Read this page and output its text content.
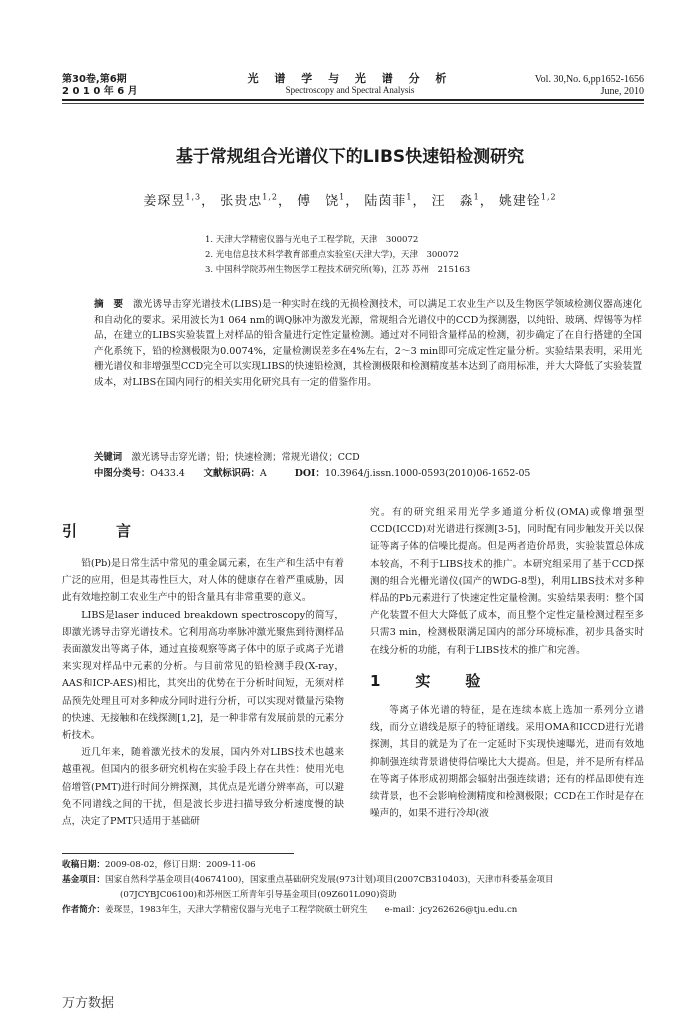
第30卷,第6期
2 0 1 0 年 6 月
光 谱 学 与 光 谱 分 析
Spectroscopy and Spectral Analysis
Vol. 30,No. 6,pp1652-1656
June, 2010
基于常规组合光谱仪下的LIBS快速铅检测研究
姜琛昱$^{1,3}$， 张贵忠$^{1,2}$， 傅　饶$^1$， 陆茵菲$^1$， 汪　淼$^1$， 姚建铨$^{1,2}$
1. 天津大学精密仪器与光电子工程学院，天津　300072
2. 光电信息技术科学教育部重点实验室(天津大学)，天津　300072
3. 中国科学院苏州生物医学工程技术研究所(筹)，江苏 苏州　215163
摘　要　 激光诱导击穿光谱技术(LIBS)是一种实时在线的无损检测技术，可以满足工农业生产以及生物医学领域检测仪器高速化和自动化的要求。采用波长为1 064 nm的调Q脉冲为激发光源，常规组合光谱仪中的CCD为探测器，以纯铅、玻璃、焊锡等为样品，在建立的LIBS实验装置上对样品的铅含量进行定性定量检测。通过对不同铅含量样品的检测，初步确定了在自行搭建的全国产化系统下，铅的检测极限为0.0074%，定量检测误差多在4%左右，2～3 min即可完成定性定量分析。实验结果表明，采用光栅光谱仪和非增强型CCD完全可以实现LIBS的快速铅检测，其检测极限和检测精度基本达到了商用标准，并大大降低了实验装置成本，对LIBS在国内同行的相关实用化研究具有一定的借鉴作用。
关键词　 激光诱导击穿光谱；铅；快速检测；常规光谱仪；CCD
中图分类号：O433.4　　 文献标识码：A　　　	DOI：10.3964/j.issn.1000-0593(2010)06-1652-05
引　言

铅(Pb)是日常生活中常见的重金属元素，在生产和生活中有着广泛的应用，但是其毒性巨大，对人体的健康存在着严重威胁，因此有效地控制工农业生产中的铅含量具有非常重要的意义。

LIBS是laser induced breakdown spectroscopy的简写，即激光诱导击穿光谱技术。它利用高功率脉冲激光聚焦到待测样品表面激发出等离子体，通过直接观察等离子体中的原子或离子光谱来实现对样品中元素的分析。与目前常见的铅检测手段(X-ray，AAS和ICP-AES)相比，其突出的优势在于分析时间短，无须对样品预先处理且可对多种成分同时进行分析，可以实现对微量污染物的快速、无接触和在线探测[1,2]，是一种非常有发展前景的元素分析技术。

近几年来，随着激光技术的发展，国内外对LIBS技术也越来越重视。但国内的很多研究机构在实验手段上存在共性：使用光电倍增管(PMT)进行时间分辨探测，其优点是光谱分辨率高，可以避免不同谱线之间的干扰，但是波长步进扫描导致分析速度慢的缺点，决定了PMT只适用于基础研

究。有的研究组采用光学多通道分析仪(OMA)或像增强型CCD(ICCD)对光谱进行探测[3-5]，同时配有同步触发开关以保证等离子体的信噪比提高。但是两者造价昂贵，实验装置总体成本较高，不利于LIBS技术的推广。本研究组采用了基于CCD探测的组合光栅光谱仪(国产的WDG-8型)，利用LIBS技术对多种样品的Pb元素进行了快速定性定量检测。实验结果表明：整个国产化装置不但大大降低了成本，而且整个定性定量检测过程至多只需3 min，检测极限满足国内的部分环境标准，初步具备实时在线分析的功能，有利于LIBS技术的推广和完善。

1　实　验

等离子体光谱的特征，是在连续本底上选加一系列分立谱线，而分立谱线是原子的特征谱线。采用OMA和ICCD进行光谱探测，其目的就是为了在一定延时下实现快速曝光，进而有效地抑制强连续背景谱使得信噪比大大提高。但是，并不是所有样品在等离子体形成初期都会辐射出强连续谱；还有的样品即使有连续背景，也不会影响检测精度和检测极限；CCD在工作时是存在噪声的，如果不进行冷却(液

收稿日期：2009-08-02，修订日期：2009-11-06
基金项目：国家自然科学基金项目(40674100)，国家重点基础研究发展(973计划)项目(2007CB310403)，天津市科委基金项目
(07JCYBJC06100)和苏州医工所青年引导基金项目(09Z601L090)资助
作者简介：姜琛昱，1983年生，天津大学精密仪器与光电子工程学院硕士研究生　　e-mail：jcy262626@tju.edu.cn
万方数据
